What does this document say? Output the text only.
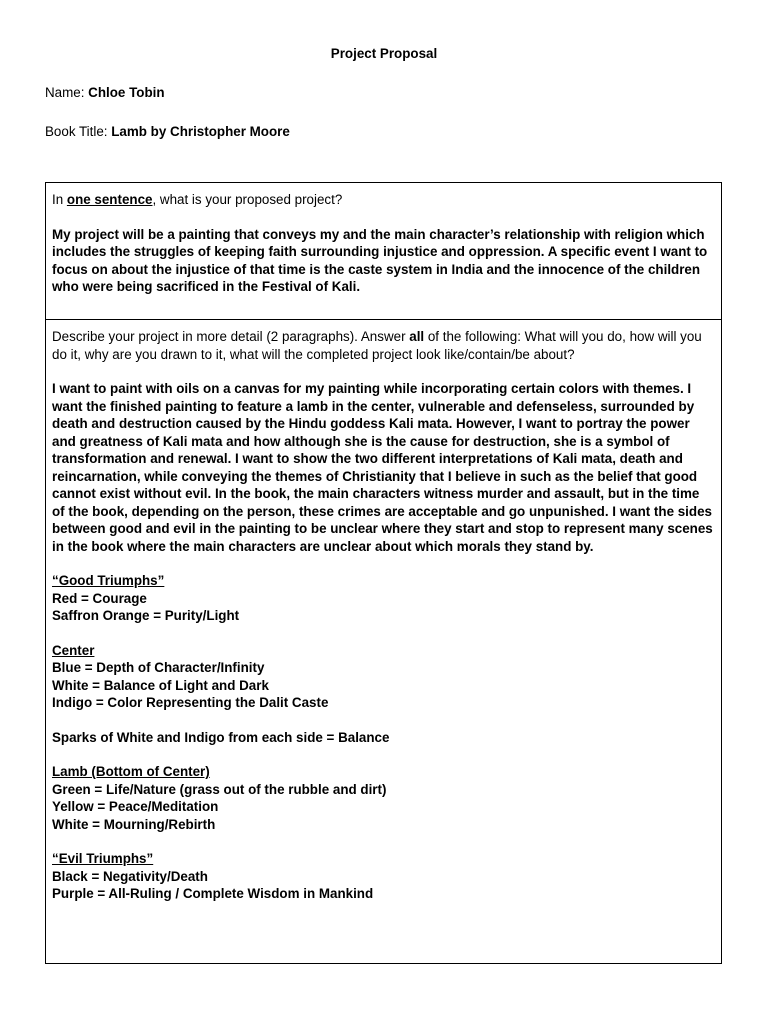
Project Proposal
Name: Chloe Tobin
Book Title: Lamb by Christopher Moore
In one sentence, what is your proposed project?
My project will be a painting that conveys my and the main character’s relationship with religion which includes the struggles of keeping faith surrounding injustice and oppression. A specific event I want to focus on about the injustice of that time is the caste system in India and the innocence of the children who were being sacrificed in the Festival of Kali.
Describe your project in more detail (2 paragraphs). Answer all of the following: What will you do, how will you do it, why are you drawn to it, what will the completed project look like/contain/be about?
I want to paint with oils on a canvas for my painting while incorporating certain colors with themes. I want the finished painting to feature a lamb in the center, vulnerable and defenseless, surrounded by death and destruction caused by the Hindu goddess Kali mata. However, I want to portray the power and greatness of Kali mata and how although she is the cause for destruction, she is a symbol of transformation and renewal. I want to show the two different interpretations of Kali mata, death and reincarnation, while conveying the themes of Christianity that I believe in such as the belief that good cannot exist without evil. In the book, the main characters witness murder and assault, but in the time of the book, depending on the person, these crimes are acceptable and go unpunished. I want the sides between good and evil in the painting to be unclear where they start and stop to represent many scenes in the book where the main characters are unclear about which morals they stand by.
“Good Triumphs”
Red = Courage
Saffron Orange = Purity/Light
Center
Blue = Depth of Character/Infinity
White = Balance of Light and Dark
Indigo = Color Representing the Dalit Caste
Sparks of White and Indigo from each side = Balance
Lamb (Bottom of Center)
Green = Life/Nature (grass out of the rubble and dirt)
Yellow = Peace/Meditation
White = Mourning/Rebirth
“Evil Triumphs”
Black = Negativity/Death
Purple = All-Ruling / Complete Wisdom in Mankind
